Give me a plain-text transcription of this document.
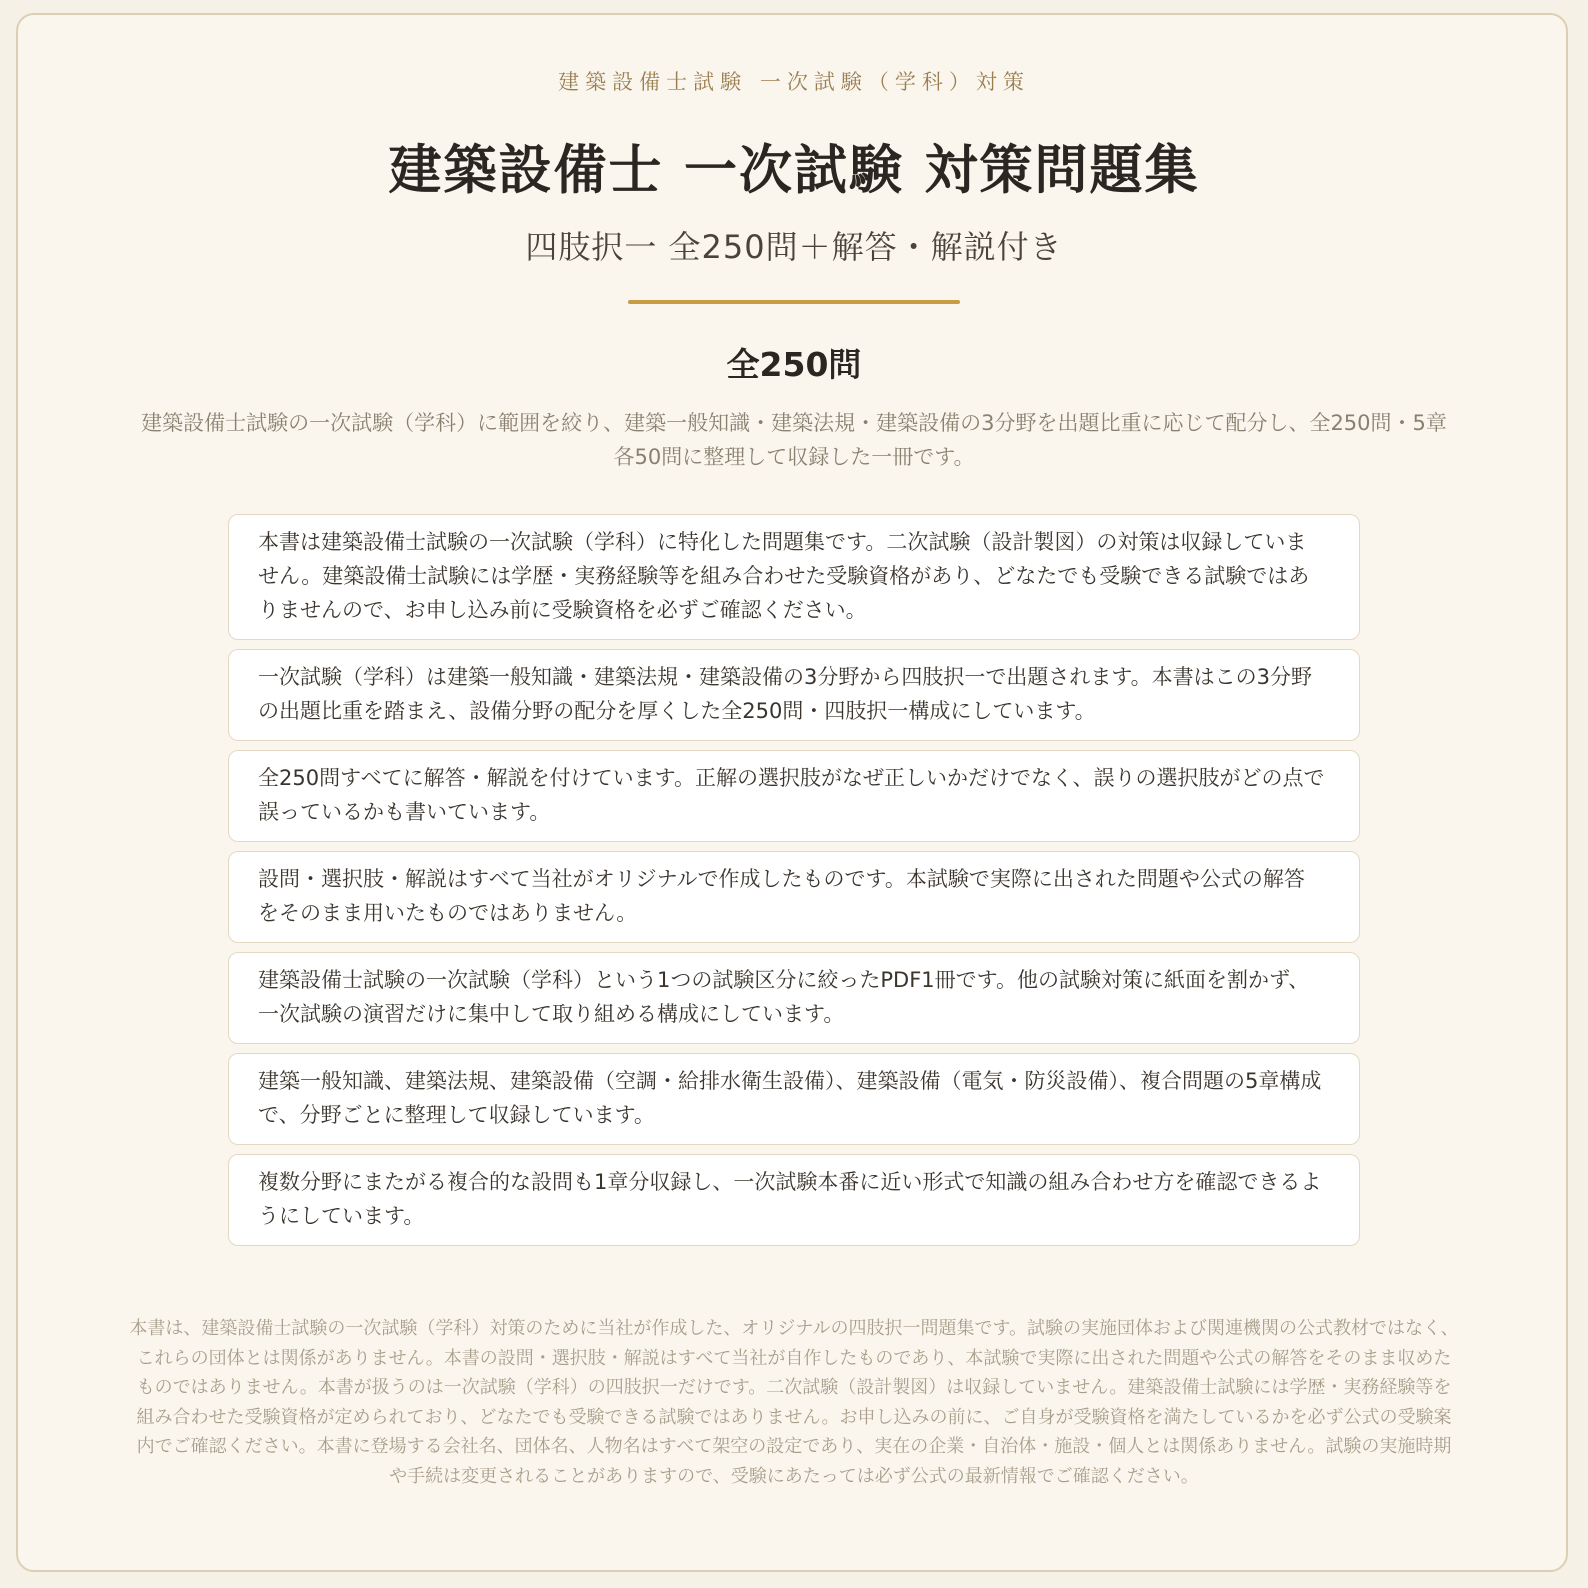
建築設備士試験 一次試験（学科）対策
建築設備士 一次試験 対策問題集
四肢択一 全250問＋解答・解説付き
全250問
建築設備士試験の一次試験（学科）に範囲を絞り、建築一般知識・建築法規・建築設備の3分野を出題比重に応じて配分し、全250問・5章各50問に整理して収録した一冊です。
本書は建築設備士試験の一次試験（学科）に特化した問題集です。二次試験（設計製図）の対策は収録していません。建築設備士試験には学歴・実務経験等を組み合わせた受験資格があり、どなたでも受験できる試験ではありませんので、お申し込み前に受験資格を必ずご確認ください。
一次試験（学科）は建築一般知識・建築法規・建築設備の3分野から四肢択一で出題されます。本書はこの3分野の出題比重を踏まえ、設備分野の配分を厚くした全250問・四肢択一構成にしています。
全250問すべてに解答・解説を付けています。正解の選択肢がなぜ正しいかだけでなく、誤りの選択肢がどの点で誤っているかも書いています。
設問・選択肢・解説はすべて当社がオリジナルで作成したものです。本試験で実際に出された問題や公式の解答をそのまま用いたものではありません。
建築設備士試験の一次試験（学科）という1つの試験区分に絞ったPDF1冊です。他の試験対策に紙面を割かず、一次試験の演習だけに集中して取り組める構成にしています。
建築一般知識、建築法規、建築設備（空調・給排水衛生設備）、建築設備（電気・防災設備）、複合問題の5章構成で、分野ごとに整理して収録しています。
複数分野にまたがる複合的な設問も1章分収録し、一次試験本番に近い形式で知識の組み合わせ方を確認できるようにしています。
本書は、建築設備士試験の一次試験（学科）対策のために当社が作成した、オリジナルの四肢択一問題集です。試験の実施団体および関連機関の公式教材ではなく、これらの団体とは関係がありません。本書の設問・選択肢・解説はすべて当社が自作したものであり、本試験で実際に出された問題や公式の解答をそのまま収めたものではありません。本書が扱うのは一次試験（学科）の四肢択一だけです。二次試験（設計製図）は収録していません。建築設備士試験には学歴・実務経験等を組み合わせた受験資格が定められており、どなたでも受験できる試験ではありません。お申し込みの前に、ご自身が受験資格を満たしているかを必ず公式の受験案内でご確認ください。本書に登場する会社名、団体名、人物名はすべて架空の設定であり、実在の企業・自治体・施設・個人とは関係ありません。試験の実施時期や手続は変更されることがありますので、受験にあたっては必ず公式の最新情報でご確認ください。
